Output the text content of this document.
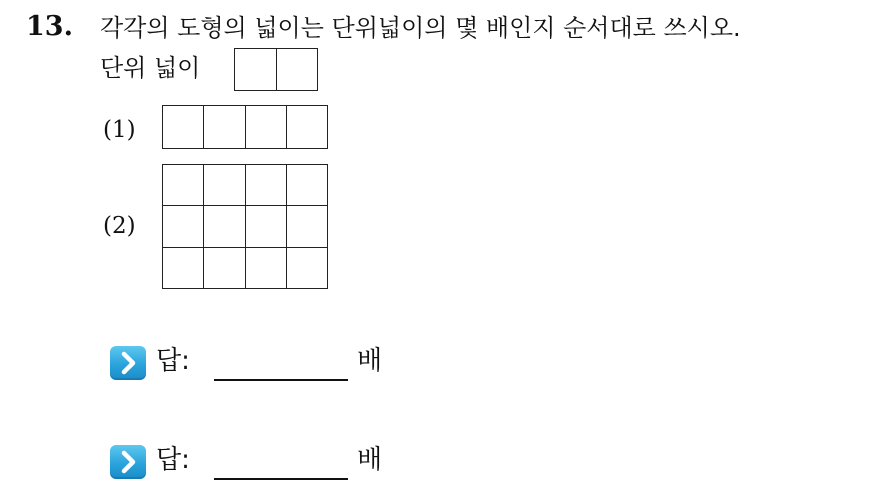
13. 각각의 도형의 넓이는 단위넓이의 몇 배인지 순서대로 쓰시오.
단위 넓이
(1)
(2)
답:	배
답:	배
